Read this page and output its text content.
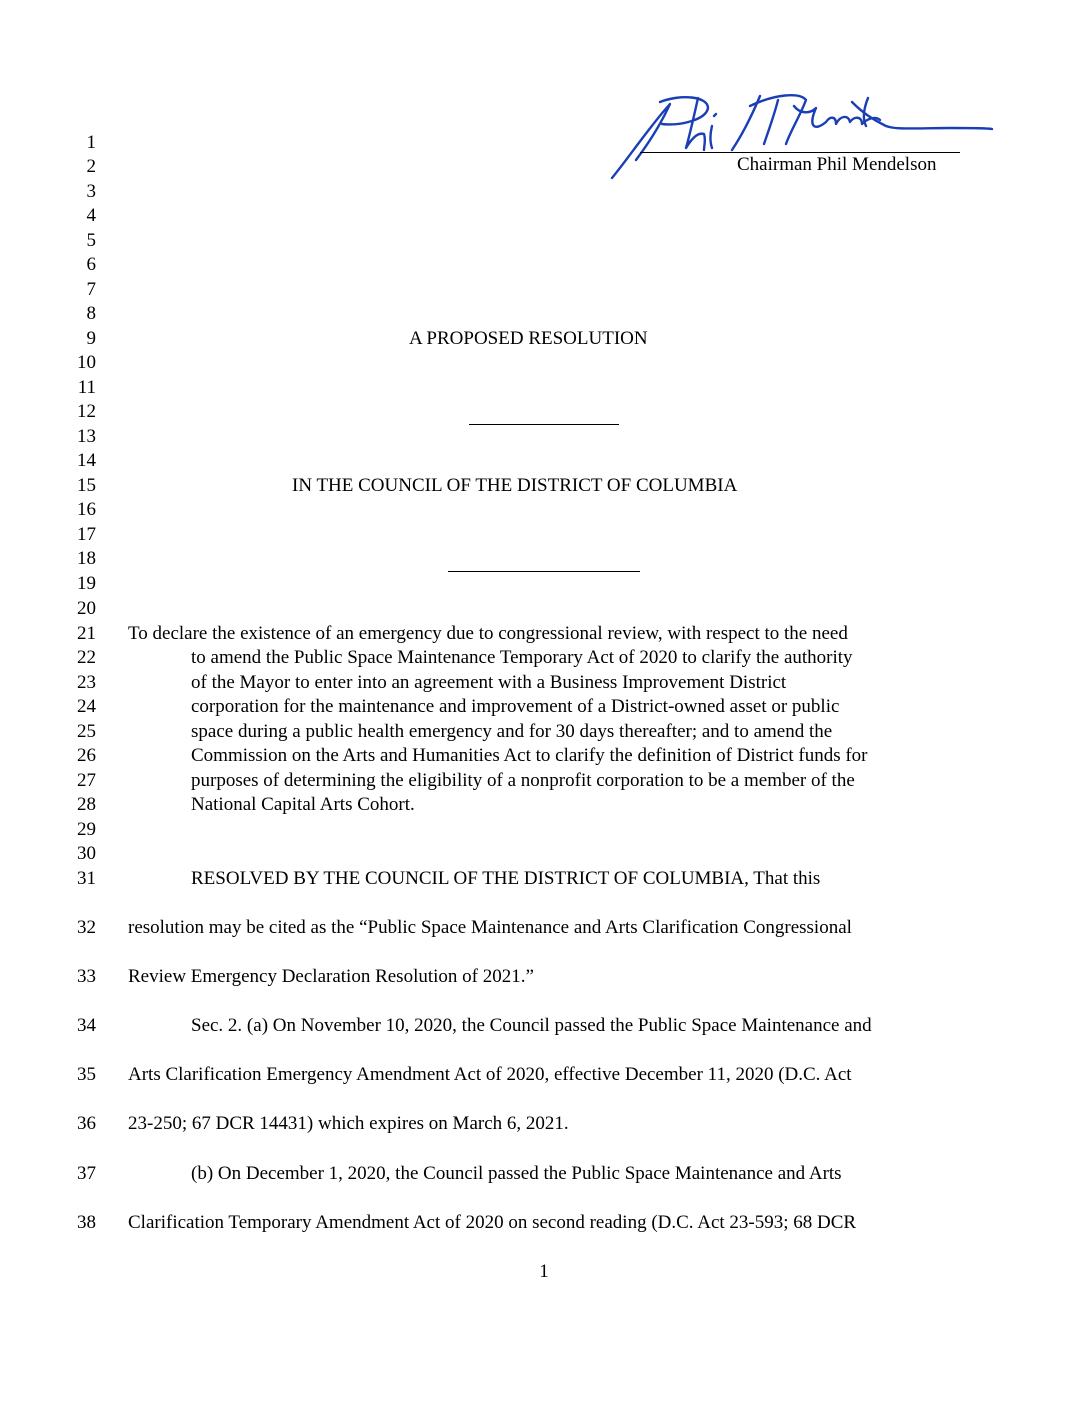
Chairman Phil Mendelson
1
2
3
4
5
6
7
8
9
10
11
12
13
14
15
16
17
18
19
20
21
22
23
24
25
26
27
28
29
30
31
32
33
34
35
36
37
38
A PROPOSED RESOLUTION
IN THE COUNCIL OF THE DISTRICT OF COLUMBIA
To declare the existence of an emergency due to congressional review, with respect to the need
to amend the Public Space Maintenance Temporary Act of 2020 to clarify the authority
of the Mayor to enter into an agreement with a Business Improvement District
corporation for the maintenance and improvement of a District-owned asset or public
space during a public health emergency and for 30 days thereafter; and to amend the
Commission on the Arts and Humanities Act to clarify the definition of District funds for
purposes of determining the eligibility of a nonprofit corporation to be a member of the
National Capital Arts Cohort.
RESOLVED BY THE COUNCIL OF THE DISTRICT OF COLUMBIA, That this
resolution may be cited as the “Public Space Maintenance and Arts Clarification Congressional
Review Emergency Declaration Resolution of 2021.”
Sec. 2. (a) On November 10, 2020, the Council passed the Public Space Maintenance and
Arts Clarification Emergency Amendment Act of 2020, effective December 11, 2020 (D.C. Act
23-250; 67 DCR 14431) which expires on March 6, 2021.
(b) On December 1, 2020, the Council passed the Public Space Maintenance and Arts
Clarification Temporary Amendment Act of 2020 on second reading (D.C. Act 23-593; 68 DCR
1
